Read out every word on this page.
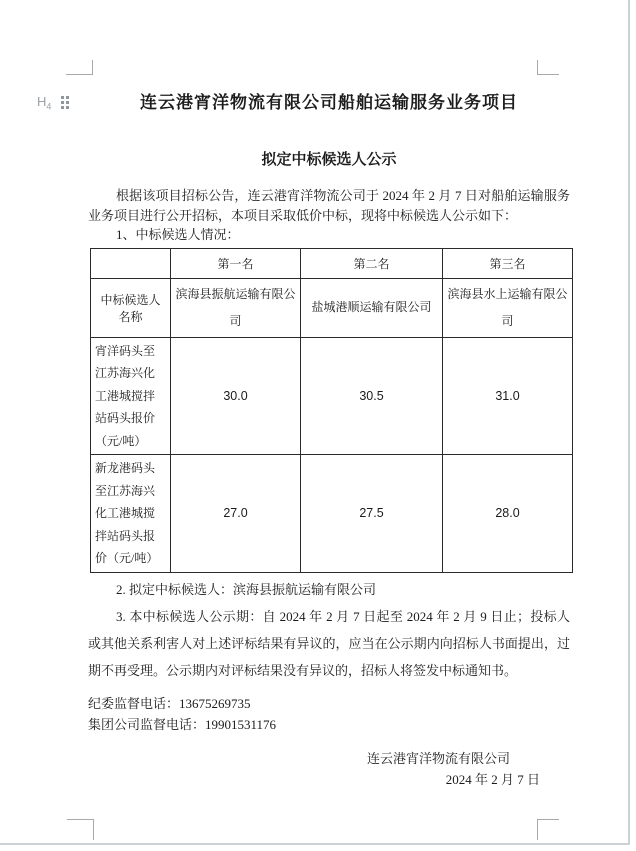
$H_4$	连云港宵洋物流有限公司船舶运输服务业务项目
拟定中标候选人公示

根据该项目招标公告，连云港宵洋物流公司于 2024 年 2 月 7 日对船舶运输服务业务项目进行公开招标，本项目采取低价中标，现将中标候选人公示如下：

1、中标候选人情况：

	第一名	第二名	第三名
中标候选人名称	滨海县振航运输有限公司	盐城港顺运输有限公司	滨海县水上运输有限公司
宵洋码头至江苏海兴化工港城搅拌站码头报价（元/吨）	30.0	30.5	31.0
新龙港码头至江苏海兴化工港城搅拌站码头报价（元/吨）	27.0	27.5	28.0

2. 拟定中标候选人：滨海县振航运输有限公司

3. 本中标候选人公示期：自 2024 年 2 月 7 日起至 2024 年 2 月 9 日止；投标人或其他关系利害人对上述评标结果有异议的，应当在公示期内向招标人书面提出，过期不再受理。公示期内对评标结果没有异议的，招标人将签发中标通知书。

纪委监督电话：13675269735

集团公司监督电话：19901531176

连云港宵洋物流有限公司
2024 年 2 月 7 日
